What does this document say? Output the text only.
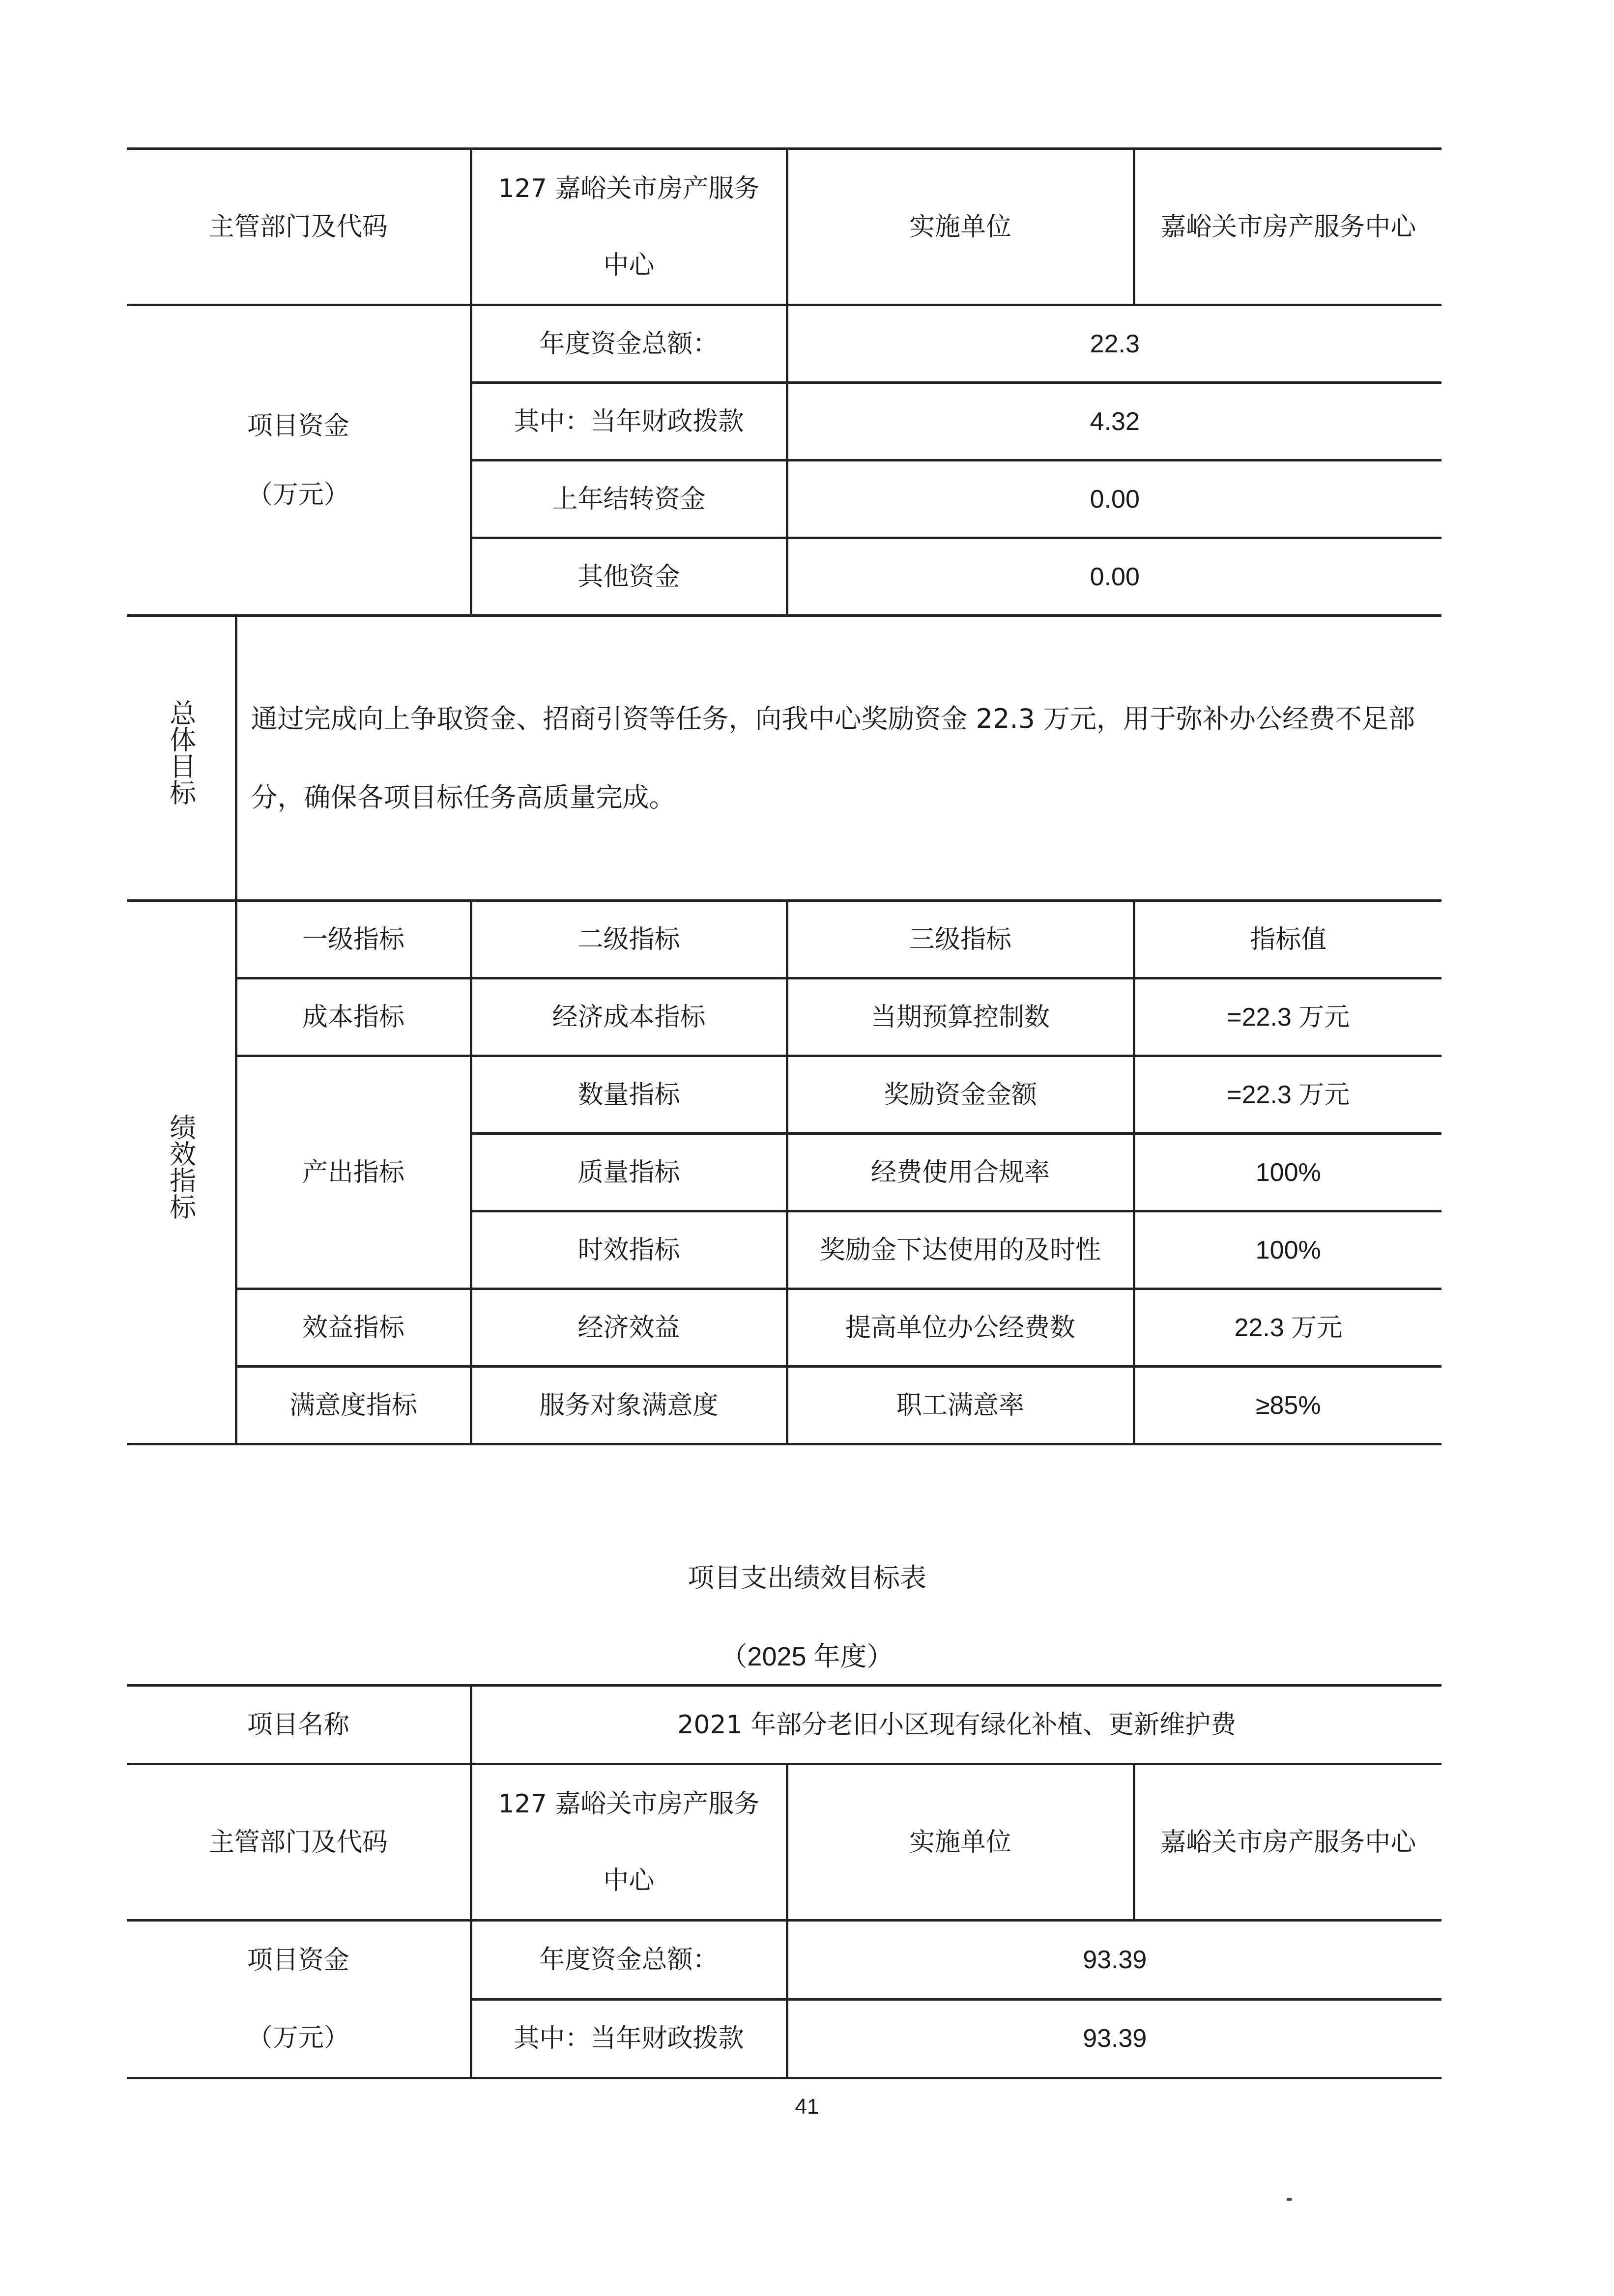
主管部门及代码		127 嘉峪关市房产服务中心	实施单位	嘉峪关市房产服务中心

项目资金
（万元）		年度资金总额：	22.3	
		其中：当年财政拨款	4.32	
		上年结转资金	0.00	
		其他资金	0.00	
总体目标	通过完成向上争取资金、招商引资等任务，向我中心奖励资金 22.3 万元，用于弥补办公经费不足部分，确保各项目标任务高质量完成。			
绩效指标	一级指标	二级指标	三级指标	指标值
	成本指标	经济成本指标	当期预算控制数	=22.3 万元
	产出指标	数量指标	奖励资金金额	=22.3 万元
		质量指标	经费使用合规率	100%
		时效指标	奖励金下达使用的及时性	100%
	效益指标	经济效益	提高单位办公经费数	22.3 万元
	满意度指标	服务对象满意度	职工满意率	≥85%
项目支出绩效目标表
（2025 年度）
项目名称	2021 年部分老旧小区现有绿化补植、更新维护费		
主管部门及代码	127 嘉峪关市房产服务中心	实施单位	嘉峪关市房产服务中心

项目资金
（万元）	年度资金总额：	93.39	
	其中：当年财政拨款	93.39	
41
